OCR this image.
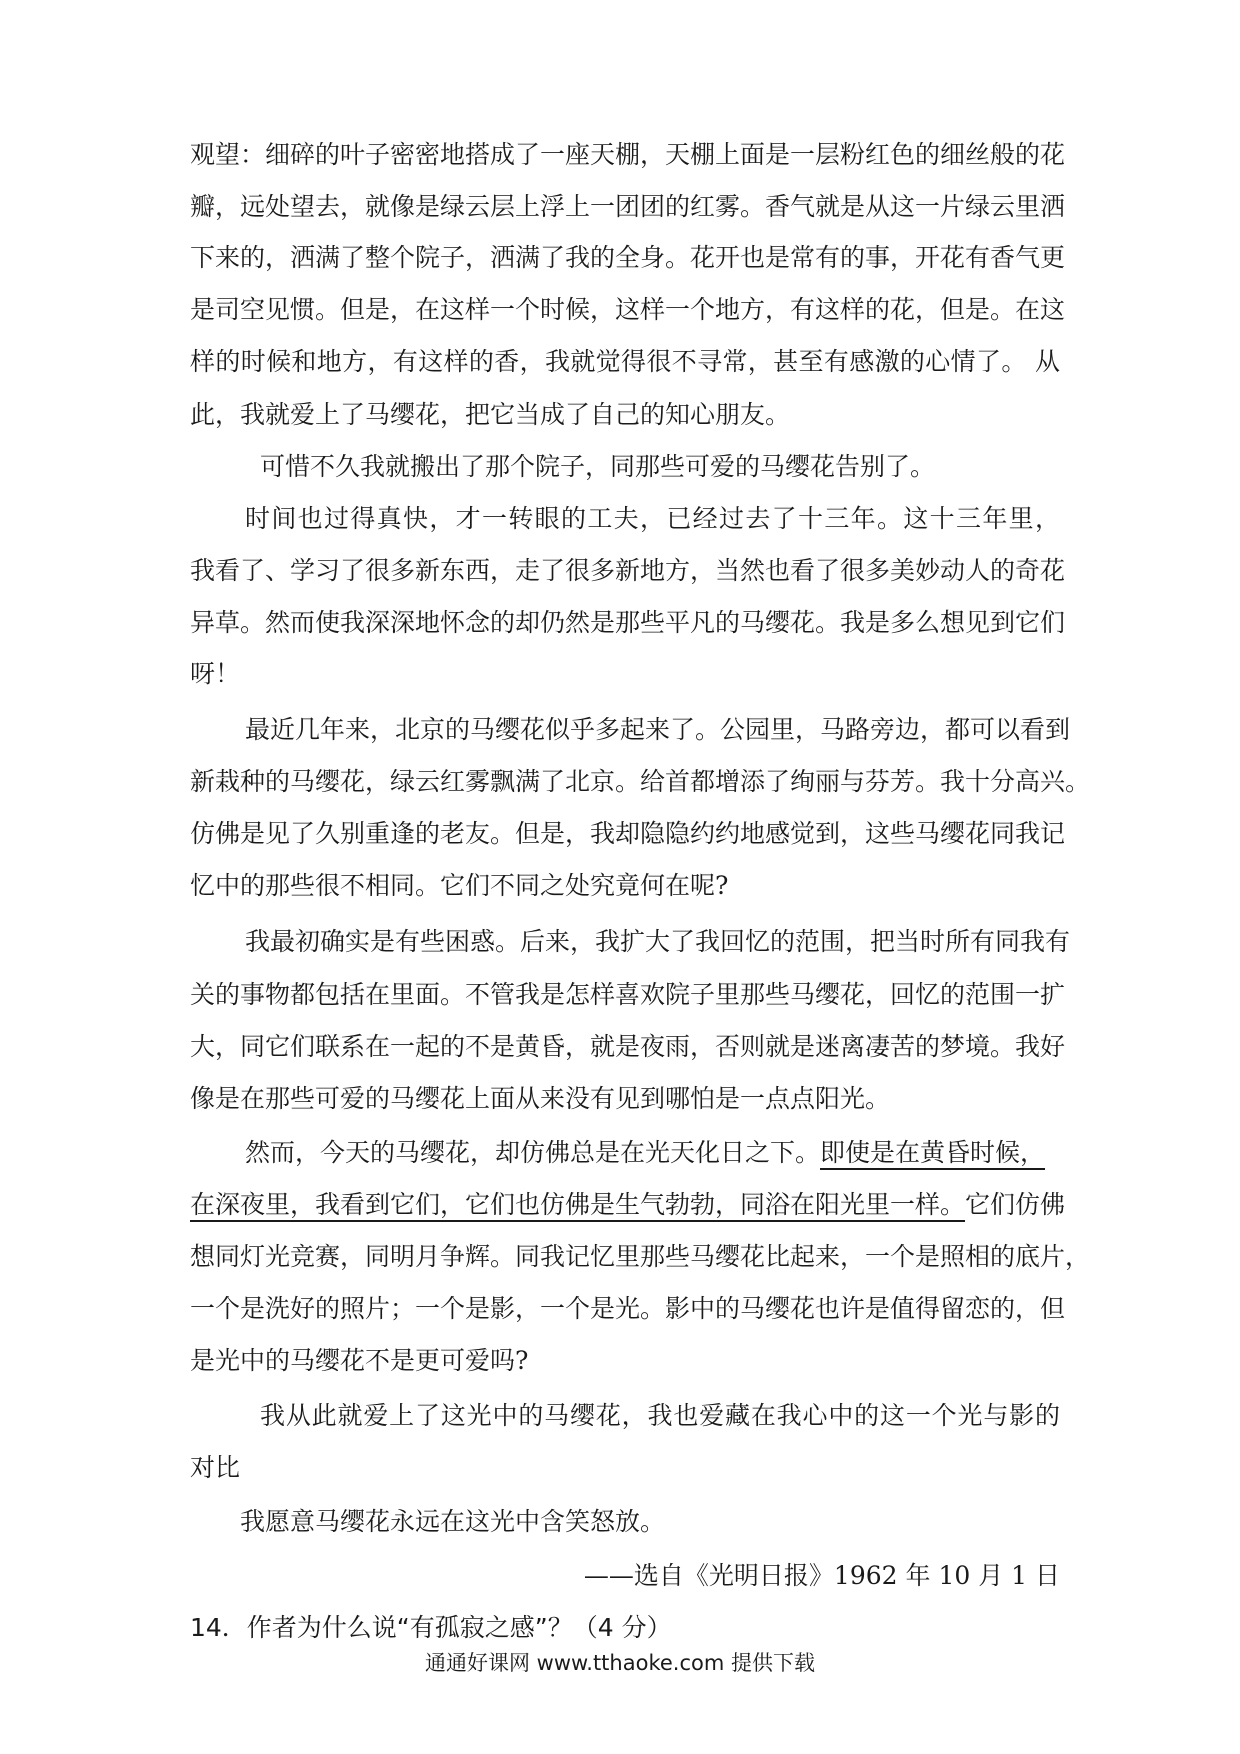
观望：细碎的叶子密密地搭成了一座天棚，天棚上面是一层粉红色的细丝般的花
瓣，远处望去，就像是绿云层上浮上一团团的红雾。香气就是从这一片绿云里洒
下来的，洒满了整个院子，洒满了我的全身。花开也是常有的事，开花有香气更
是司空见惯。但是，在这样一个时候，这样一个地方，有这样的花，但是。在这
样的时候和地方，有这样的香，我就觉得很不寻常，甚至有感激的心情了。 从
此，我就爱上了马缨花，把它当成了自己的知心朋友。
可惜不久我就搬出了那个院子，同那些可爱的马缨花告别了。
时间也过得真快，才一转眼的工夫，已经过去了十三年。这十三年里，
我看了、学习了很多新东西，走了很多新地方，当然也看了很多美妙动人的奇花
异草。然而使我深深地怀念的却仍然是那些平凡的马缨花。我是多么想见到它们
呀！
最近几年来，北京的马缨花似乎多起来了。公园里，马路旁边，都可以看到
新栽种的马缨花，绿云红雾飘满了北京。给首都增添了绚丽与芬芳。我十分高兴。
仿佛是见了久别重逢的老友。但是，我却隐隐约约地感觉到，这些马缨花同我记
忆中的那些很不相同。它们不同之处究竟何在呢?
我最初确实是有些困惑。后来，我扩大了我回忆的范围，把当时所有同我有
关的事物都包括在里面。不管我是怎样喜欢院子里那些马缨花，回忆的范围一扩
大，同它们联系在一起的不是黄昏，就是夜雨，否则就是迷离凄苦的梦境。我好
像是在那些可爱的马缨花上面从来没有见到哪怕是一点点阳光。
然而，今天的马缨花，却仿佛总是在光天化日之下。即使是在黄昏时候，
在深夜里，我看到它们，它们也仿佛是生气勃勃，同浴在阳光里一样。它们仿佛
想同灯光竞赛，同明月争辉。同我记忆里那些马缨花比起来，一个是照相的底片，
一个是洗好的照片；一个是影，一个是光。影中的马缨花也许是值得留恋的，但
是光中的马缨花不是更可爱吗?
我从此就爱上了这光中的马缨花，我也爱藏在我心中的这一个光与影的
对比
我愿意马缨花永远在这光中含笑怒放。
——选自《光明日报》1962 年 10 月 1 日
14．作者为什么说“有孤寂之感”？（4 分）
通通好课网 www.tthaoke.com 提供下载
